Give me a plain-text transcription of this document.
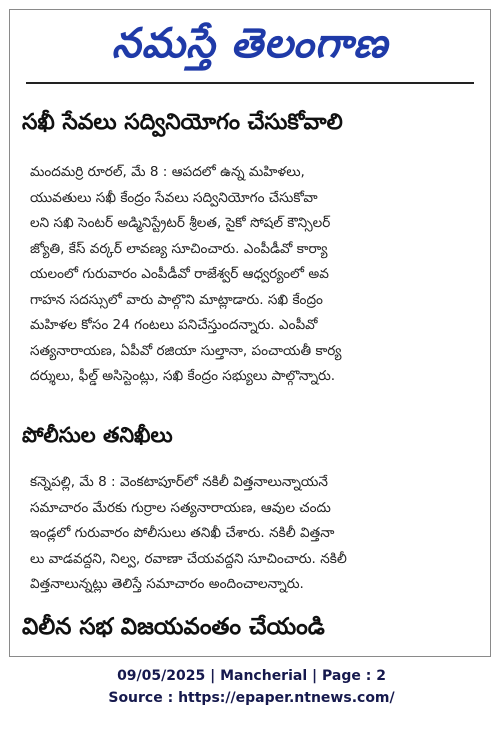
నమస్తే తెలంగాణ
సఖీ సేవలు సద్వినియోగం చేసుకోవాలి
మందమర్రి రూరల్, మే 8 : ఆపదలో ఉన్న మహిళలు,
యువతులు సఖీ కేంద్రం సేవలు సద్వినియోగం చేసుకోవా
లని సఖి సెంటర్ అడ్మినిస్ట్రేటర్ శ్రీలత, సైకో సోషల్ కౌన్సిలర్
జ్యోతి, కేస్ వర్కర్ లావణ్య సూచించారు. ఎంపీడీవో కార్యా
యలంలో గురువారం ఎంపీడీవో రాజేశ్వర్ ఆధ్వర్యంలో అవ
గాహన సదస్సులో వారు పాల్గొని మాట్లాడారు. సఖి కేంద్రం
మహిళల కోసం 24 గంటలు పనిచేస్తుందన్నారు. ఎంపీవో
సత్యనారాయణ, ఏపీవో రజియా సుల్తానా, పంచాయతీ కార్య
దర్శులు, ఫీల్డ్ అసిస్టెంట్లు, సఖి కేంద్రం సభ్యులు పాల్గొన్నారు.
పోలీసుల తనిఖీలు
కన్నెపల్లి, మే 8 : వెంకటాపూర్‌లో నకిలీ విత్తనాలున్నాయనే
సమాచారం మేరకు గుర్రాల సత్యనారాయణ, ఆవుల చందు
ఇండ్లలో గురువారం పోలీసులు తనిఖీ చేశారు. నకిలీ విత్తనా
లు వాడవద్దని, నిల్వ, రవాణా చేయవద్దని సూచించారు. నకిలీ
విత్తనాలున్నట్లు తెలిస్తే సమాచారం అందించాలన్నారు.
విలీన సభ విజయవంతం చేయండి
09/05/2025 | Mancherial | Page : 2
Source : https://epaper.ntnews.com/
